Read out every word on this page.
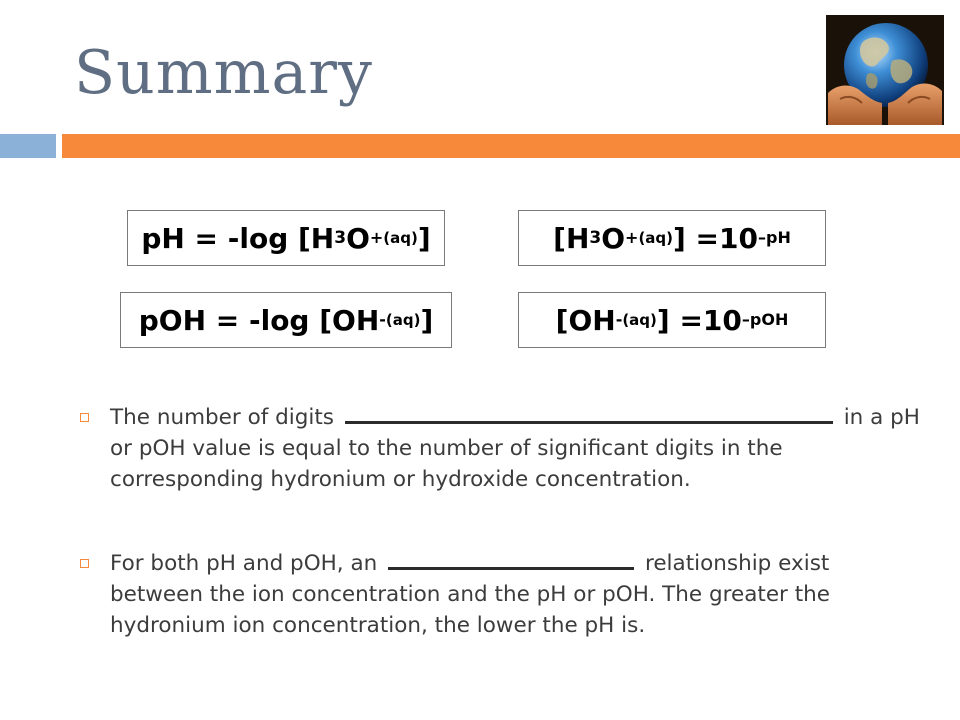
Summary
pH = -log [H 3 O + (aq) ]	[H 3 O + (aq) ] =10 –pH
pOH = -log [OH - (aq) ]	[OH - (aq) ] =10 –pOH
The number of digits	in a pH or pOH value is equal to the number of significant digits in the corresponding hydronium or hydroxide concentration.
For both pH and pOH, an	relationship exist between the ion concentration and the pH or pOH. The greater the hydronium ion concentration, the lower the pH is.
